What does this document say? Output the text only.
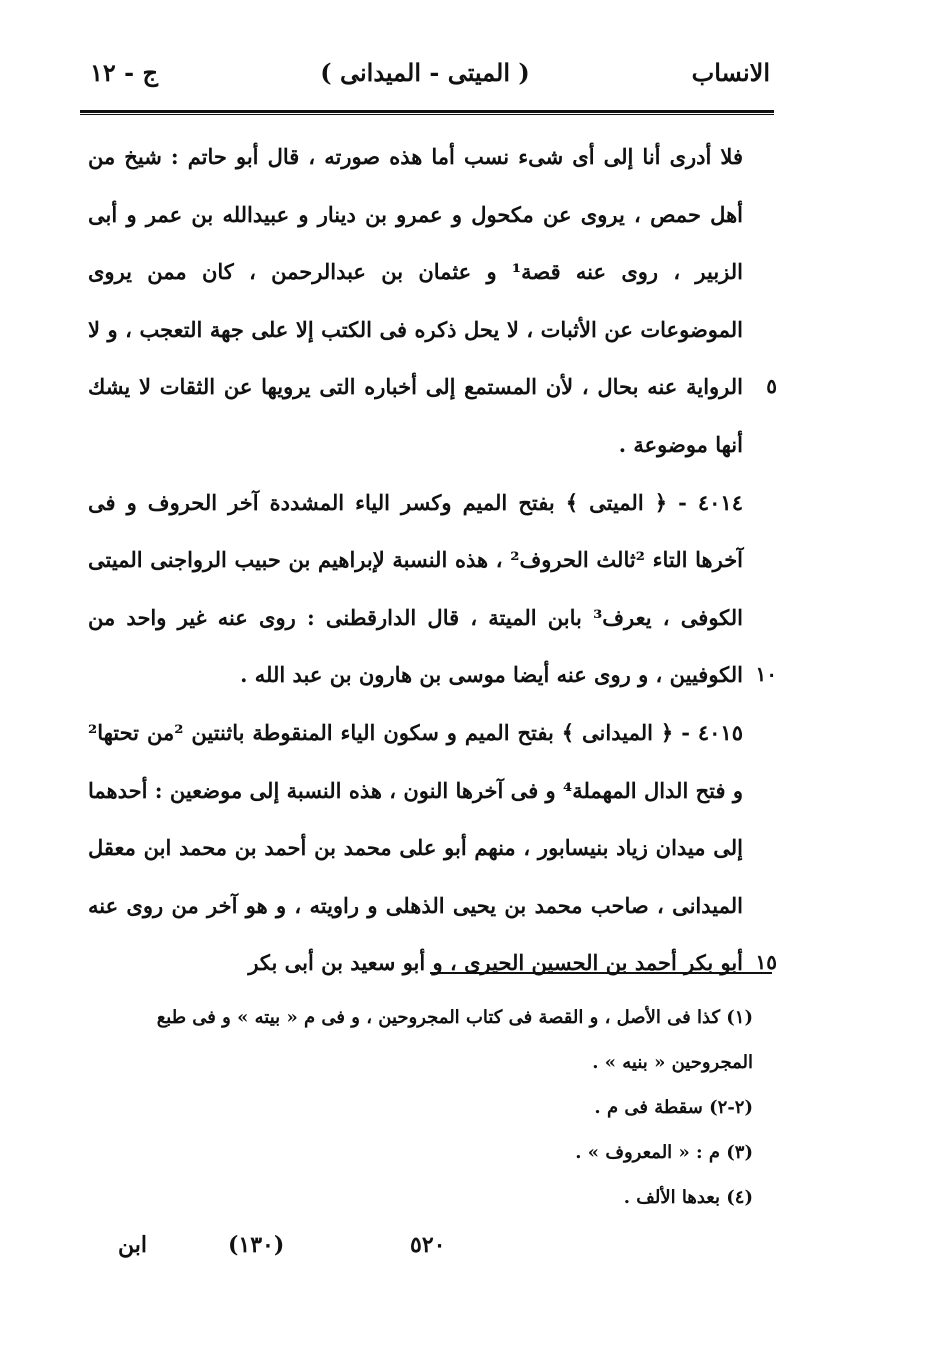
الانساب
( الميتى - الميدانى )
ج - ١٢

فلا أدرى أنا إلى أى شىء نسب أما هذه صورته ، قال أبو حاتم : شيخ من أهل حمص ، يروى عن مكحول و عمرو بن دينار و عبيدالله بن عمر و أبى الزبير ، روى عنه قصة¹ و عثمان بن عبدالرحمن ، كان ممن يروى الموضوعات عن الأثبات ، لا يحل ذكره فى الكتب إلا على جهة التعجب ، و لا الرواية عنه بحال ، لأن المستمع إلى أخباره التى يرويها عن الثقات لا يشك أنها موضوعة .
٥

٤٠١٤ - ﴿ الميتى ﴾ بفتح الميم وكسر الياء المشددة آخر الحروف و فى آخرها التاء ²ثالث الحروف² ، هذه النسبة لإبراهيم بن حبيب الرواجنى الميتى الكوفى ، يعرف³ بابن الميتة ، قال الدارقطنى : روى عنه غير واحد من الكوفيين ، و روى عنه أيضا موسى بن هارون بن عبد الله . ١٠

٤٠١٥ - ﴿ الميدانى ﴾ بفتح الميم و سكون الياء المنقوطة باثنتين ²من تحتها² و فتح الدال المهملة⁴ و فى آخرها النون ، هذه النسبة إلى موضعين : أحدهما إلى ميدان زياد بنيسابور ، منهم أبو على محمد بن أحمد بن محمد ابن معقل الميدانى ، صاحب محمد بن يحيى الذهلى و راويته ، و هو آخر من روى عنه أبو بكر أحمد بن الحسين الحيرى ، و أبو سعيد بن أبى بكر ١٥

(١) كذا فى الأصل ، و القصة فى كتاب المجروحين ، و فى م « بيته » و فى طبع المجروحين « بنيه » .

(٢-٢) سقطة فى م .

(٣) م : « المعروف » .

(٤) بعدها الألف .

٥٢٠
(١٣٠)
ابن
